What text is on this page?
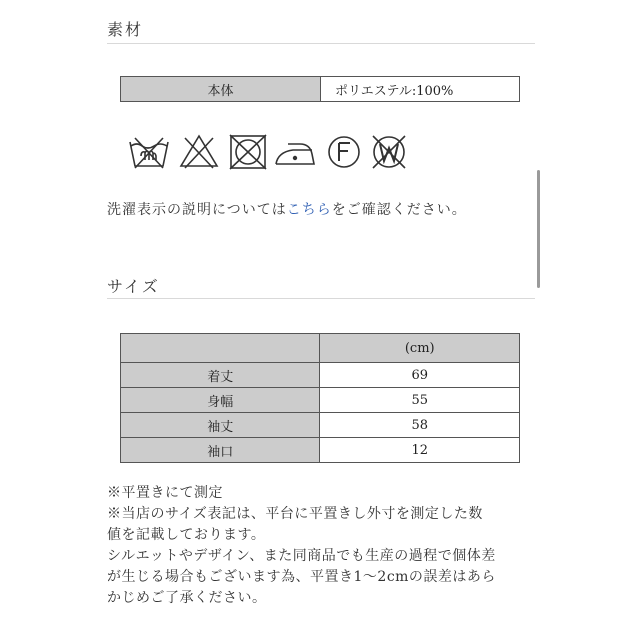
素材
本体	ポリエステル:100%
洗濯表示の説明についてはこちらをご確認ください。
サイズ
	(cm)
着丈	69
身幅	55
袖丈	58
袖口	12
※平置きにて測定
※当店のサイズ表記は、平台に平置きし外寸を測定した数
値を記載しております。
シルエットやデザイン、また同商品でも生産の過程で個体差
が生じる場合もございます為、平置き1〜2cmの誤差はあら
かじめご了承ください。
